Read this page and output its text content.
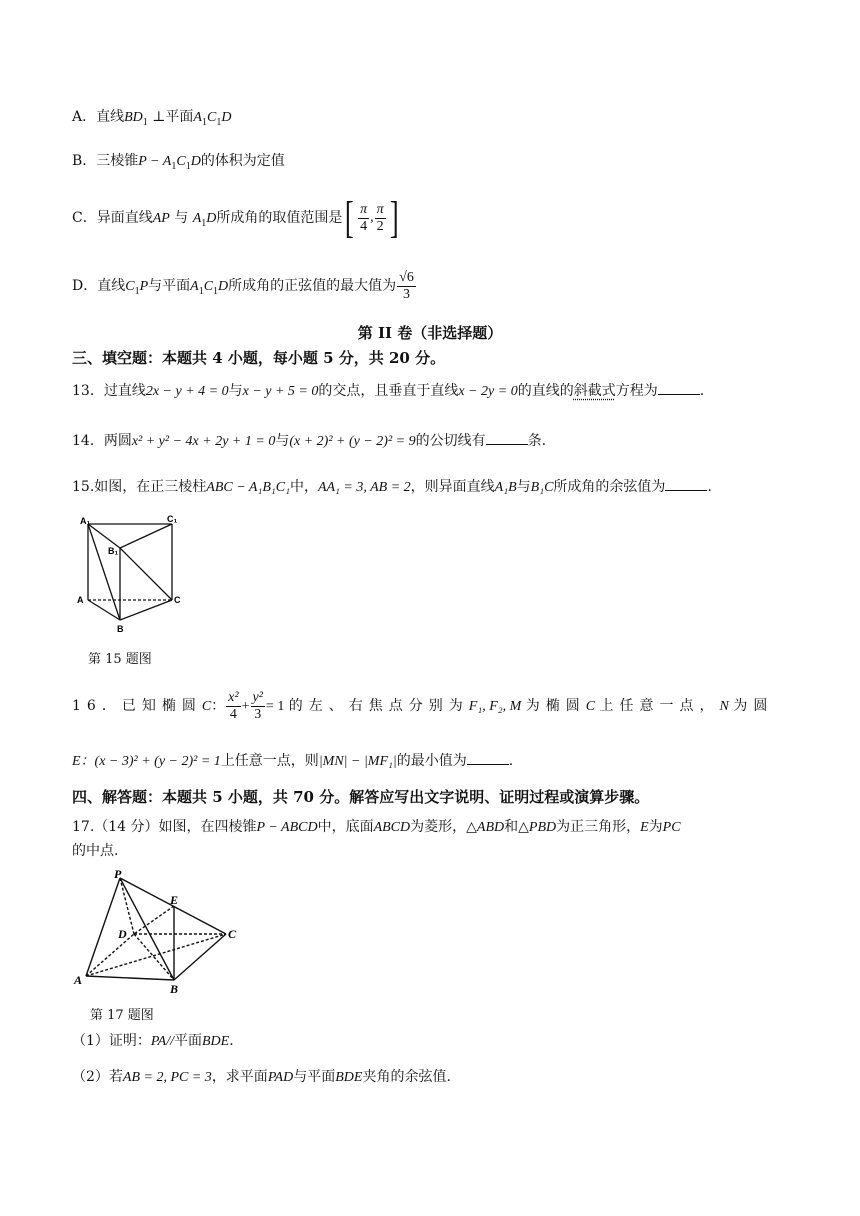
A．直线$BD_1$ ⊥平面$A_1C_1D$
B．三棱锥$P - A_1C_1D$的体积为定值
C．异面直线AP 与 $A_1D$所成角的取值范围是 [ $\frac{\pi}{4}$ , $\frac{\pi}{2}$ ]
D．直线$C_1P$与平面$A_1C_1D$所成角的正弦值的最大值为 $\frac{√6}{3}$
第 II 卷（非选择题）
三、填空题：本题共 4 小题，每小题 5 分，共 20 分。
13．过直线2x − y + 4 = 0与x − y + 5 = 0的交点，且垂直于直线x − 2y = 0的直线的斜截式方程为	.
14．两圆x² + y² − 4x + 2y + 1 = 0与(x + 2)² + (y − 2)² = 9的公切线有	条.
15.如图，在正三棱柱ABC − A₁B₁C₁中，AA₁ = 3, AB = 2，则异面直线A₁B与B₁C所成角的余弦值为	.
A₁	C₁
B₁
A	C
B
第 15 题图
16．已知椭圆C： $\frac{\text{x²}}{4} + \frac{\text{y²}}{3} = 1$ 的左、右焦点分别为F₁, F₂, M 为椭圆C 上任意一点，N 为圆
E：(x − 3)² + (y − 2)² = 1上任意一点，则|MN| − |MF₁|的最小值为	.
四、解答题：本题共 5 小题，共 70 分。解答应写出文字说明、证明过程或演算步骤。
17.（14 分）如图，在四棱锥P − ABCD中，底面ABCD为菱形，△ABD和△PBD为正三角形，E为PC
的中点.
P
E
D	C
A
B
第 17 题图
（1）证明：PA//平面BDE.
（2）若AB = 2, PC = 3，求平面PAD与平面BDE夹角的余弦值.
